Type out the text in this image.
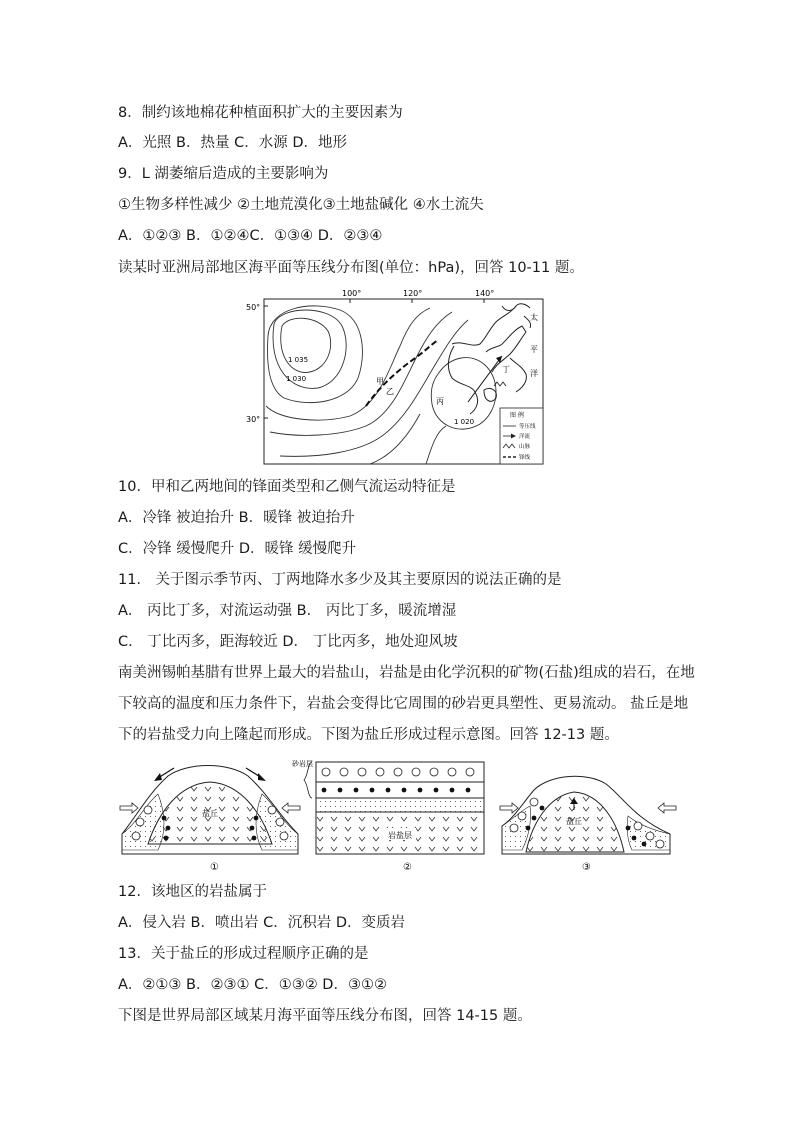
8．制约该地棉花种植面积扩大的主要因素为
A．光照 B．热量 C．水源 D．地形
9．L 湖萎缩后造成的主要影响为
①生物多样性减少 ②土地荒漠化③土地盐碱化 ④水土流失
A．①②③ B．①②④C．①③④ D．②③④
读某时亚洲局部地区海平面等压线分布图(单位：hPa)，回答 10-11 题。
100°	120°	140°
50°
30°
1 035
1 030
1 020
甲
乙
丙
丁
太
平
洋
图 例
等压线
洋流
山脉
锋线
10．甲和乙两地间的锋面类型和乙侧气流运动特征是
A．冷锋 被迫抬升 B．暖锋 被迫抬升
C．冷锋 缓慢爬升 D．暖锋 缓慢爬升
11． 关于图示季节丙、丁两地降水多少及其主要原因的说法正确的是
A． 丙比丁多，对流运动强 B． 丙比丁多，暖流增湿
C． 丁比丙多，距海较近 D． 丁比丙多，地处迎风坡
南美洲锡帕基腊有世界上最大的岩盐山，岩盐是由化学沉积的矿物(石盐)组成的岩石，在地
下较高的温度和压力条件下，岩盐会变得比它周围的砂岩更具塑性、更易流动。 盐丘是地
下的岩盐受力向上隆起而形成。下图为盐丘形成过程示意图。回答 12-13 题。
盐丘
①
岩盐层
砂岩层
②
盐丘
③
12．该地区的岩盐属于
A．侵入岩 B．喷出岩 C．沉积岩 D．变质岩
13．关于盐丘的形成过程顺序正确的是
A．②①③ B．②③① C．①③② D．③①②
下图是世界局部区域某月海平面等压线分布图，回答 14-15 题。
